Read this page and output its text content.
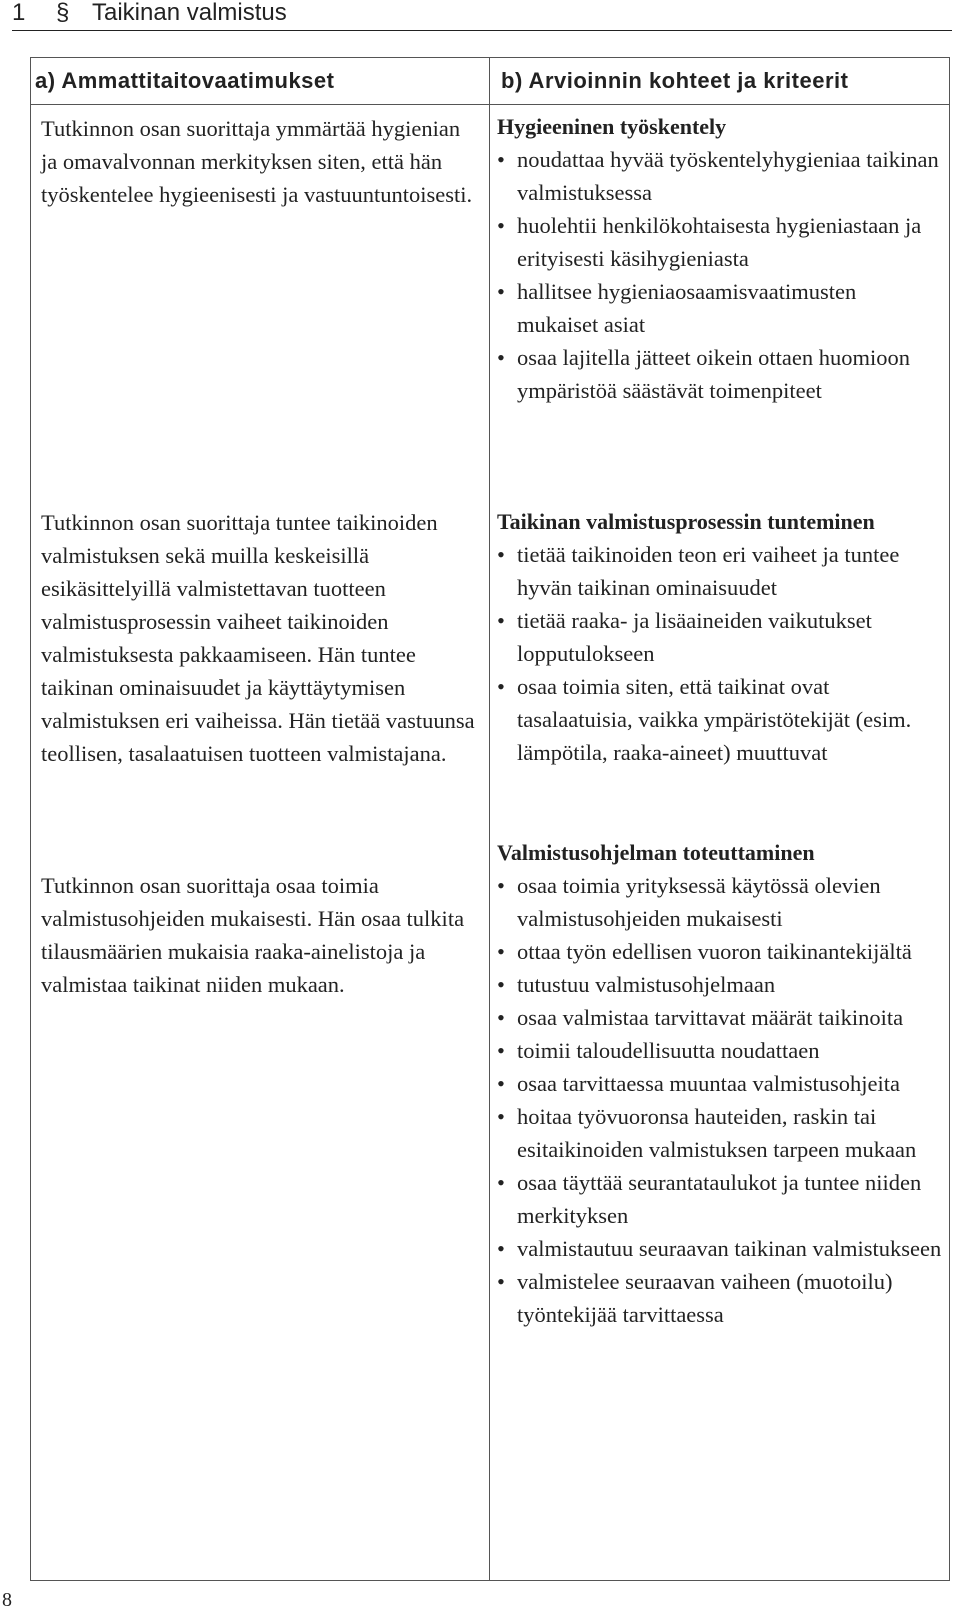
1 § Taikinan valmistus
a) Ammattitaitovaatimukset	b) Arvioinnin kohteet ja kriteerit

Tutkinnon osan suorittaja ymmärtää hygienian ja omavalvonnan merkityksen siten, että hän työskentelee hygieenisesti ja vastuuntuntoisesti.

Tutkinnon osan suorittaja tuntee taikinoiden valmistuksen sekä muilla keskeisillä esikäsittelyillä valmistettavan tuotteen valmistusprosessin vaiheet taikinoiden valmistuksesta pakkaamiseen. Hän tuntee taikinan ominaisuudet ja käyttäytymisen valmistuksen eri vaiheissa. Hän tietää vastuunsa teollisen, tasalaatuisen tuotteen valmistajana.

Tutkinnon osan suorittaja osaa toimia valmistusohjeiden mukaisesti. Hän osaa tulkita tilausmäärien mukaisia raaka-ainelistoja ja valmistaa taikinat niiden mukaan.

Hygieeninen työskentely
• noudattaa hyvää työskentelyhygieniaa taikinan valmistuksessa
• huolehtii henkilökohtaisesta hygieniastaan ja erityisesti käsihygieniasta
• hallitsee hygieniaosaamisvaatimusten mukaiset asiat
• osaa lajitella jätteet oikein ottaen huomioon ympäristöä säästävät toimenpiteet
Taikinan valmistusprosessin tunteminen
• tietää taikinoiden teon eri vaiheet ja tuntee hyvän taikinan ominaisuudet
• tietää raaka- ja lisäaineiden vaikutukset lopputulokseen
• osaa toimia siten, että taikinat ovat tasalaatuisia, vaikka ympäristötekijät (esim. lämpötila, raaka-aineet) muuttuvat
Valmistusohjelman toteuttaminen
• osaa toimia yrityksessä käytössä olevien valmistusohjeiden mukaisesti
• ottaa työn edellisen vuoron taikinantekijältä
• tutustuu valmistusohjelmaan
• osaa valmistaa tarvittavat määrät taikinoita
• toimii taloudellisuutta noudattaen
• osaa tarvittaessa muuntaa valmistusohjeita
• hoitaa työvuoronsa hauteiden, raskin tai esitaikinoiden valmistuksen tarpeen mukaan
• osaa täyttää seurantataulukot ja tuntee niiden merkityksen
• valmistautuu seuraavan taikinan valmistukseen
• valmistelee seuraavan vaiheen (muotoilu) työntekijää tarvittaessa
8
